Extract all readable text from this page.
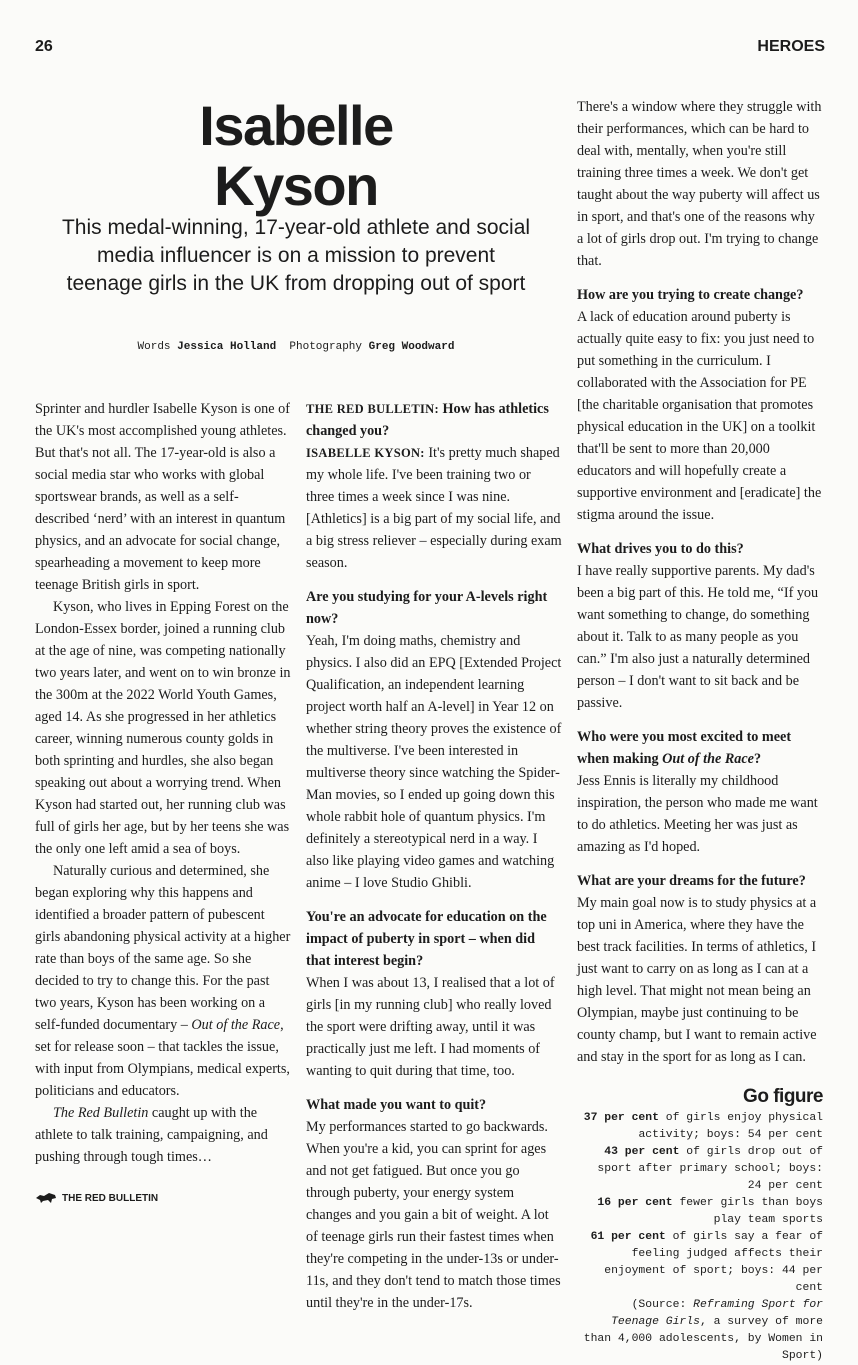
26	HEROES
Isabelle Kyson
This medal-winning, 17-year-old athlete and social media influencer is on a mission to prevent teenage girls in the UK from dropping out of sport
Words Jessica Holland Photography Greg Woodward

Sprinter and hurdler Isabelle Kyson is one of the UK's most accomplished young athletes. But that's not all. The 17-year-old is also a social media star who works with global sportswear brands, as well as a self-described ‘nerd’ with an interest in quantum physics, and an advocate for social change, spearheading a movement to keep more teenage British girls in sport.

Kyson, who lives in Epping Forest on the London-Essex border, joined a running club at the age of nine, was competing nationally two years later, and went on to win bronze in the 300m at the 2022 World Youth Games, aged 14. As she progressed in her athletics career, winning numerous county golds in both sprinting and hurdles, she also began speaking out about a worrying trend. When Kyson had started out, her running club was full of girls her age, but by her teens she was the only one left amid a sea of boys.

Naturally curious and determined, she began exploring why this happens and identified a broader pattern of pubescent girls abandoning physical activity at a higher rate than boys of the same age. So she decided to try to change this. For the past two years, Kyson has been working on a self-funded documentary – Out of the Race, set for release soon – that tackles the issue, with input from Olympians, medical experts, politicians and educators.

The Red Bulletin caught up with the athlete to talk training, campaigning, and pushing through tough times…

THE RED BULLETIN: How has athletics changed you?

ISABELLE KYSON: It's pretty much shaped my whole life. I've been training two or three times a week since I was nine. [Athletics] is a big part of my social life, and a big stress reliever – especially during exam season.

Are you studying for your A-levels right now?

Yeah, I'm doing maths, chemistry and physics. I also did an EPQ [Extended Project Qualification, an independent learning project worth half an A-level] in Year 12 on whether string theory proves the existence of the multiverse. I've been interested in multiverse theory since watching the Spider-Man movies, so I ended up going down this whole rabbit hole of quantum physics. I'm definitely a stereotypical nerd in a way. I also like playing video games and watching anime – I love Studio Ghibli.

You're an advocate for education on the impact of puberty in sport – when did that interest begin?

When I was about 13, I realised that a lot of girls [in my running club] who really loved the sport were drifting away, until it was practically just me left. I had moments of wanting to quit during that time, too.

What made you want to quit?

My performances started to go backwards. When you're a kid, you can sprint for ages and not get fatigued. But once you go through puberty, your energy system changes and you gain a bit of weight. A lot of teenage girls run their fastest times when they're competing in the under-13s or under-11s, and they don't tend to match those times until they're in the under-17s.

There's a window where they struggle with their performances, which can be hard to deal with, mentally, when you're still training three times a week. We don't get taught about the way puberty will affect us in sport, and that's one of the reasons why a lot of girls drop out. I'm trying to change that.

How are you trying to create change?

A lack of education around puberty is actually quite easy to fix: you just need to put something in the curriculum. I collaborated with the Association for PE [the charitable organisation that promotes physical education in the UK] on a toolkit that'll be sent to more than 20,000 educators and will hopefully create a supportive environment and [eradicate] the stigma around the issue.

What drives you to do this?

I have really supportive parents. My dad's been a big part of this. He told me, “If you want something to change, do something about it. Talk to as many people as you can.” I'm also just a naturally determined person – I don't want to sit back and be passive.

Who were you most excited to meet when making Out of the Race?

Jess Ennis is literally my childhood inspiration, the person who made me want to do athletics. Meeting her was just as amazing as I'd hoped.

What are your dreams for the future?

My main goal now is to study physics at a top uni in America, where they have the best track facilities. In terms of athletics, I just want to carry on as long as I can at a high level. That might not mean being an Olympian, maybe just continuing to be county champ, but I want to remain active and stay in the sport for as long as I can.

Go figure

37 per cent of girls enjoy physical activity; boys: 54 per cent

43 per cent of girls drop out of sport after primary school; boys: 24 per cent

16 per cent fewer girls than boys play team sports

61 per cent of girls say a fear of feeling judged affects their enjoyment of sport; boys: 44 per cent

(Source: Reframing Sport for Teenage Girls, a survey of more than 4,000 adolescents, by Women in Sport)

THE RED BULLETIN
